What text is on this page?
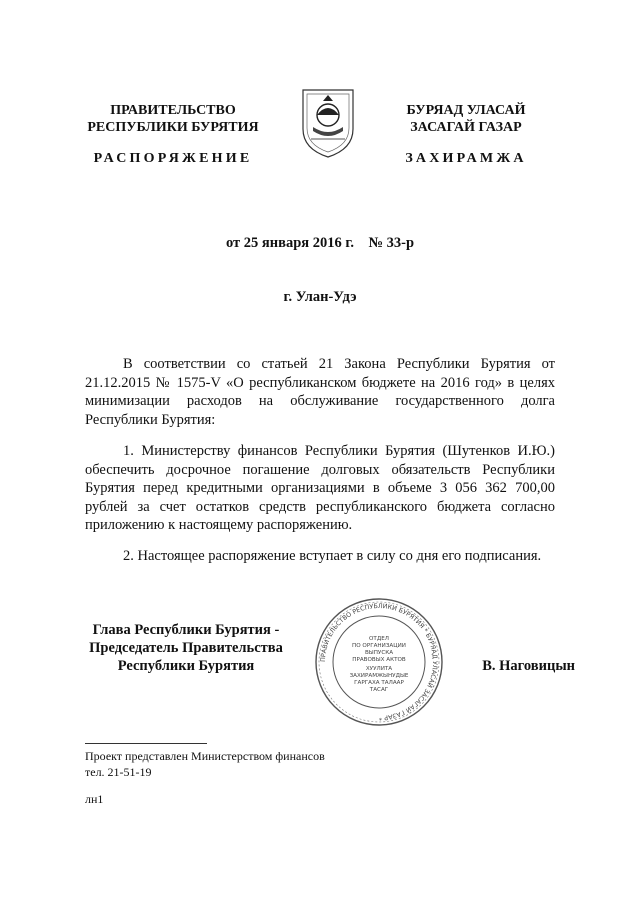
ПРАВИТЕЛЬСТВО
РЕСПУБЛИКИ БУРЯТИЯ
РАСПОРЯЖЕНИЕ
БУРЯАД УЛАСАЙ
ЗАСАГАЙ ГАЗАР
ЗАХИРАМЖА
от 25 января 2016 г. № 33-р
г. Улан-Удэ
В соответствии со статьей 21 Закона Республики Бурятия от 21.12.2015 № 1575-V «О республиканском бюджете на 2016 год» в целях минимизации расходов на обслуживание государственного долга Республики Бурятия:
1. Министерству финансов Республики Бурятия (Шутенков И.Ю.) обеспечить досрочное погашение долговых обязательств Республики Бурятия перед кредитными организациями в объеме 3 056 362 700,00 рублей за счет остатков средств республиканского бюджета согласно приложению к настоящему распоряжению.
2. Настоящее распоряжение вступает в силу со дня его подписания.
Глава Республики Бурятия -
Председатель Правительства
Республики Бурятия	ПРАВИТЕЛЬСТВО РЕСПУБЛИКИ БУРЯТИЯ * БУРЯАД УЛАСАЙ ЗАСАГАЙ ГАЗАР *
ОТДЕЛ
ПО ОРГАНИЗАЦИИ
ВЫПУСКА
ПРАВОВЫХ АКТОВ
ХУУЛИТА
ЗАХИРАМЖЫНУДЫЕ
ГАРГАХА ТАЛААР
ТАСАГ
В. Наговицын
Проект представлен Министерством финансов
тел. 21-51-19
лн1
